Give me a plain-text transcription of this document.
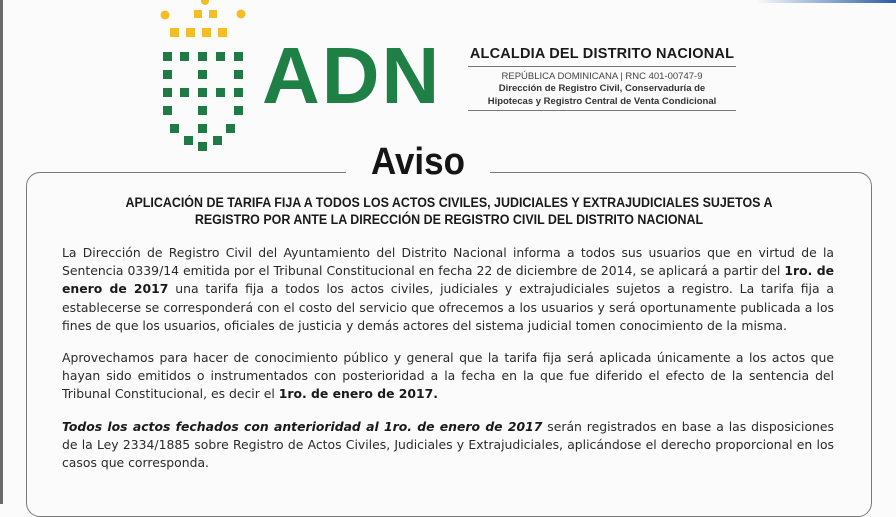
ADN ALCALDIA DEL DISTRITO NACIONAL
REPÚBLICA DOMINICANA | RNC 401-00747-9
Dirección de Registro Civil, Conservaduría de
Hipotecas y Registro Central de Venta Condicional
Aviso
APLICACIÓN DE TARIFA FIJA A TODOS LOS ACTOS CIVILES, JUDICIALES Y EXTRAJUDICIALES SUJETOS A
REGISTRO POR ANTE LA DIRECCIÓN DE REGISTRO CIVIL DEL DISTRITO NACIONAL

La Dirección de Registro Civil del Ayuntamiento del Distrito Nacional informa a todos sus usuarios que en virtud de la Sentencia 0339/14 emitida por el Tribunal Constitucional en fecha 22 de diciembre de 2014, se aplicará a partir del 1ro. de enero de 2017 una tarifa fija a todos los actos civiles, judiciales y extrajudiciales sujetos a registro. La tarifa fija a establecerse se corresponderá con el costo del servicio que ofrecemos a los usuarios y será oportunamente publicada a los fines de que los usuarios, oficiales de justicia y demás actores del sistema judicial tomen conocimiento de la misma.

Aprovechamos para hacer de conocimiento público y general que la tarifa fija será aplicada únicamente a los actos que hayan sido emitidos o instrumentados con posterioridad a la fecha en la que fue diferido el efecto de la sentencia del Tribunal Constitucional, es decir el 1ro. de enero de 2017.

Todos los actos fechados con anterioridad al 1ro. de enero de 2017 serán registrados en base a las disposiciones de la Ley 2334/1885 sobre Registro de Actos Civiles, Judiciales y Extrajudiciales, aplicándose el derecho proporcional en los casos que corresponda.
